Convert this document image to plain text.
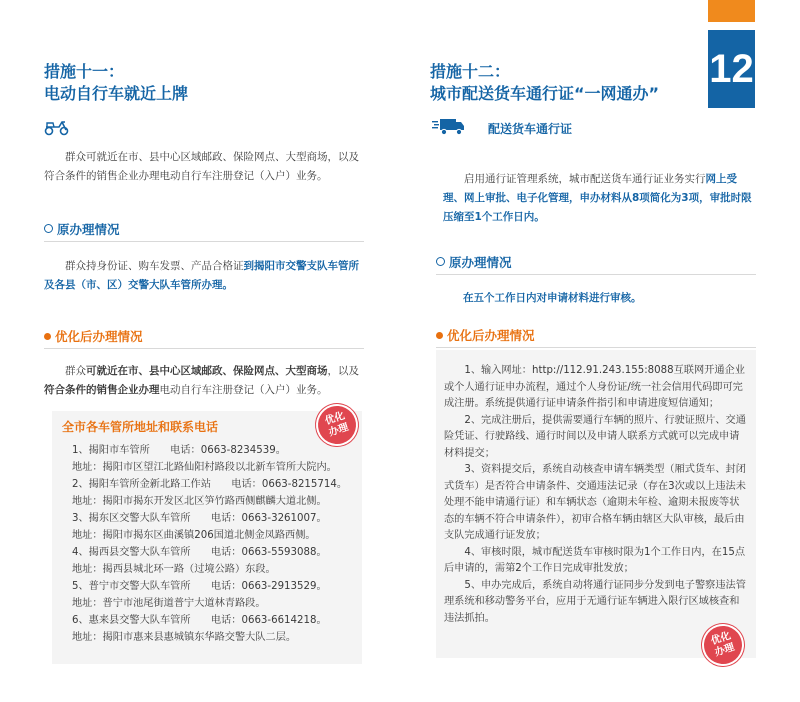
12
措施十一：
电动自行车就近上牌
群众可就近在市、县中心区域邮政、保险网点、大型商场，以及符合条件的销售企业办理电动自行车注册登记（入户）业务。
原办理情况
群众持身份证、购车发票、产品合格证到揭阳市交警支队车管所及各县（市、区）交警大队车管所办理。
优化后办理情况
群众可就近在市、县中心区域邮政、保险网点、大型商场，以及符合条件的销售企业办理电动自行车注册登记（入户）业务。
全市各车管所地址和联系电话	优化
办理
1、揭阳市车管所　　电话：0663-8234539。
地址：揭阳市区望江北路仙阳村路段以北新车管所大院内。
2、揭阳车管所金新北路工作站　　电话：0663-8215714。
地址：揭阳市揭东开发区北区笋竹路西侧麒麟大道北侧。
3、揭东区交警大队车管所　　电话：0663-3261007。
地址：揭阳市揭东区曲溪镇206国道北侧金凤路西侧。
4、揭西县交警大队车管所　　电话：0663-5593088。
地址：揭西县城北环一路（过境公路）东段。
5、普宁市交警大队车管所　　电话：0663-2913529。
地址：普宁市池尾街道普宁大道林青路段。
6、惠来县交警大队车管所　　电话：0663-6614218。
地址：揭阳市惠来县惠城镇东华路交警大队二层。
措施十二：
城市配送货车通行证“一网通办”
配送货车通行证
启用通行证管理系统，城市配送货车通行证业务实行网上受理、网上审批、电子化管理，申办材料从8项简化为3项，审批时限压缩至1个工作日内。
原办理情况
在五个工作日内对申请材料进行审核。
优化后办理情况
1、输入网址：http://112.91.243.155:8088互联网开通企业或个人通行证申办流程，通过个人身份证/统一社会信用代码即可完成注册。系统提供通行证申请条件指引和申请进度短信通知；
2、完成注册后，提供需要通行车辆的照片、行驶证照片、交通险凭证、行驶路线、通行时间以及申请人联系方式就可以完成申请材料提交；
3、资料提交后，系统自动核查申请车辆类型（厢式货车、封闭式货车）是否符合申请条件、交通违法记录（存在3次或以上违法未处理不能申请通行证）和车辆状态（逾期未年检、逾期未报废等状态的车辆不符合申请条件），初审合格车辆由辖区大队审核，最后由支队完成通行证发放；
4、审核时限，城市配送货车审核时限为1个工作日内，在15点后申请的，需第2个工作日完成审批发放；
5、申办完成后，系统自动将通行证同步分发到电子警察违法管理系统和移动警务平台，应用于无通行证车辆进入限行区域核查和违法抓拍。
优化
办理
